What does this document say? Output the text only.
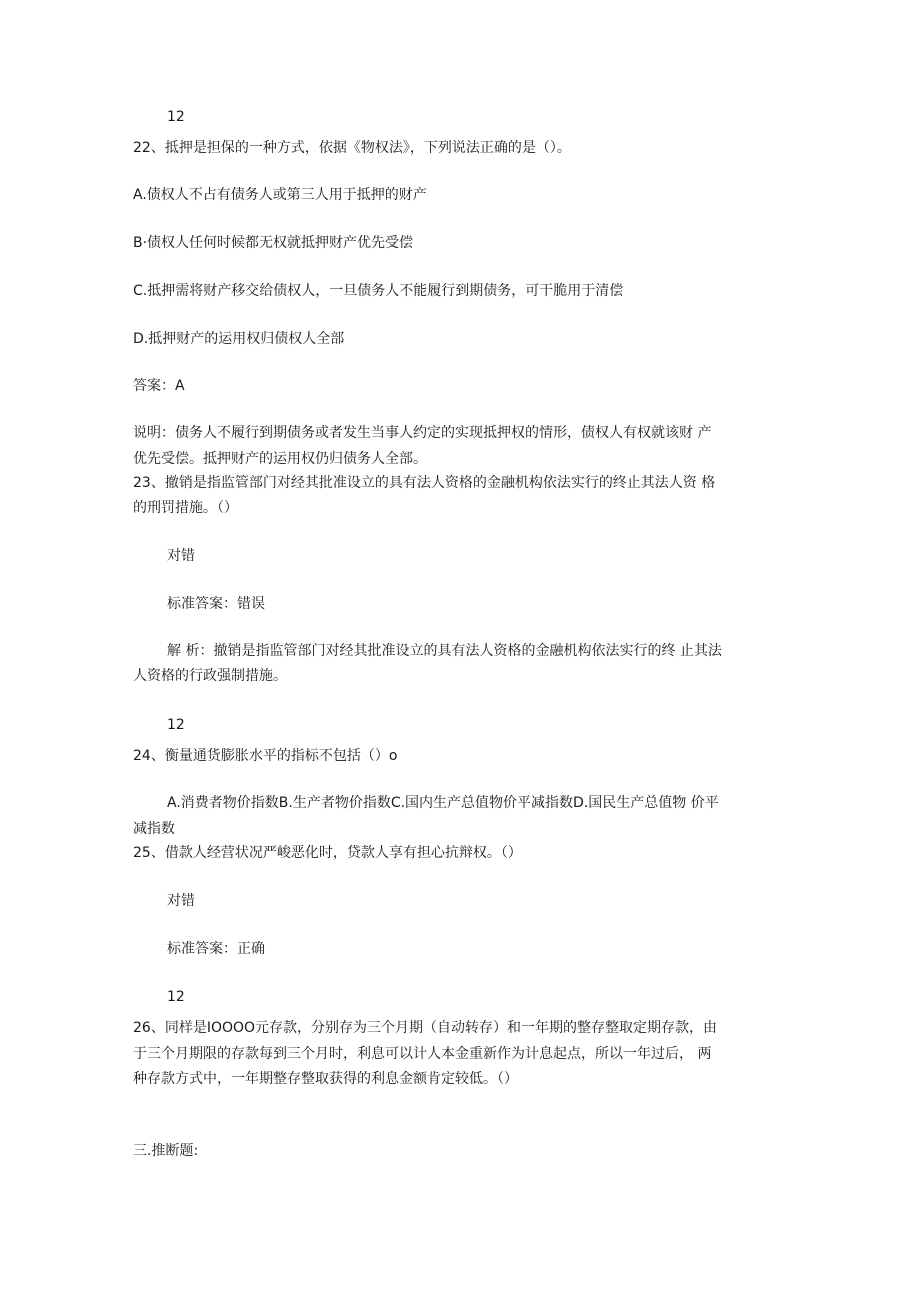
12
22、抵押是担保的一种方式，依据《物权法》，下列说法正确的是（）。
A.债权人不占有债务人或第三人用于抵押的财产
B·债权人任何时候都无权就抵押财产优先受偿
C.抵押需将财产移交给债权人，一旦债务人不能履行到期债务，可干脆用于清偿
D.抵押财产的运用权归债权人全部
答案：A
说明：债务人不履行到期债务或者发生当事人约定的实现抵押权的情形，债权人有权就该财 产
优先受偿。抵押财产的运用权仍归债务人全部。
23、撤销是指监管部门对经其批准设立的具有法人资格的金融机构依法实行的终止其法人资 格
的刑罚措施。（）
对错
标准答案：错误
解 析：撤销是指监管部门对经其批准设立的具有法人资格的金融机构依法实行的终 止其法
人资格的行政强制措施。
12
24、衡量通货膨胀水平的指标不包括（）o
A.消费者物价指数B.生产者物价指数C.国内生产总值物价平减指数D.国民生产总值物 价平
减指数
25、借款人经营状况严峻恶化时，贷款人享有担心抗辩权。（）
对错
标准答案：正确
12
26、同样是IOOOO元存款，分别存为三个月期（自动转存）和一年期的整存整取定期存款，由
于三个月期限的存款每到三个月时，利息可以计人本金重新作为计息起点，所以一年过后， 两
种存款方式中，一年期整存整取获得的利息金额肯定较低。（）
三.推断题:
